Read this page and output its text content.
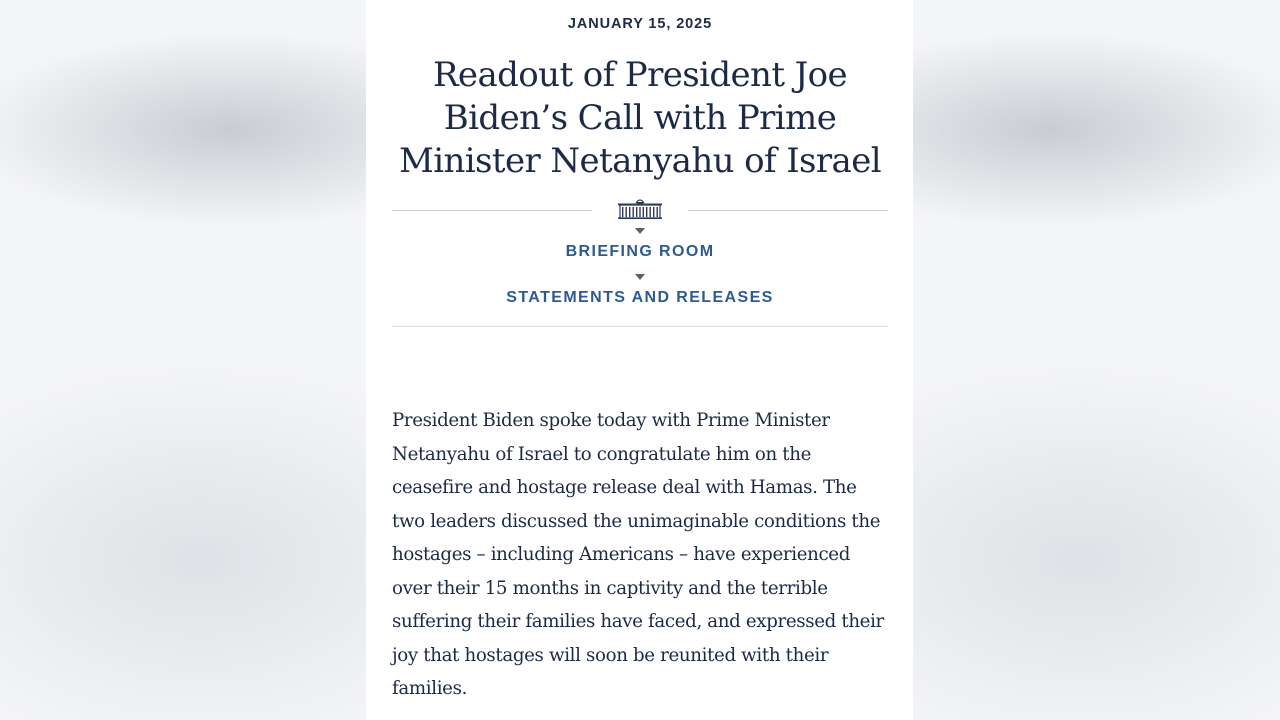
JANUARY 15, 2025
Readout of President Joe Biden’s Call with Prime Minister Netanyahu of Israel
BRIEFING ROOM
STATEMENTS AND RELEASES

President Biden spoke today with Prime Minister Netanyahu of Israel to congratulate him on the ceasefire and hostage release deal with Hamas. The two leaders discussed the unimaginable conditions the hostages – including Americans – have experienced over their 15 months in captivity and the terrible suffering their families have faced, and expressed their joy that hostages will soon be reunited with their families.
